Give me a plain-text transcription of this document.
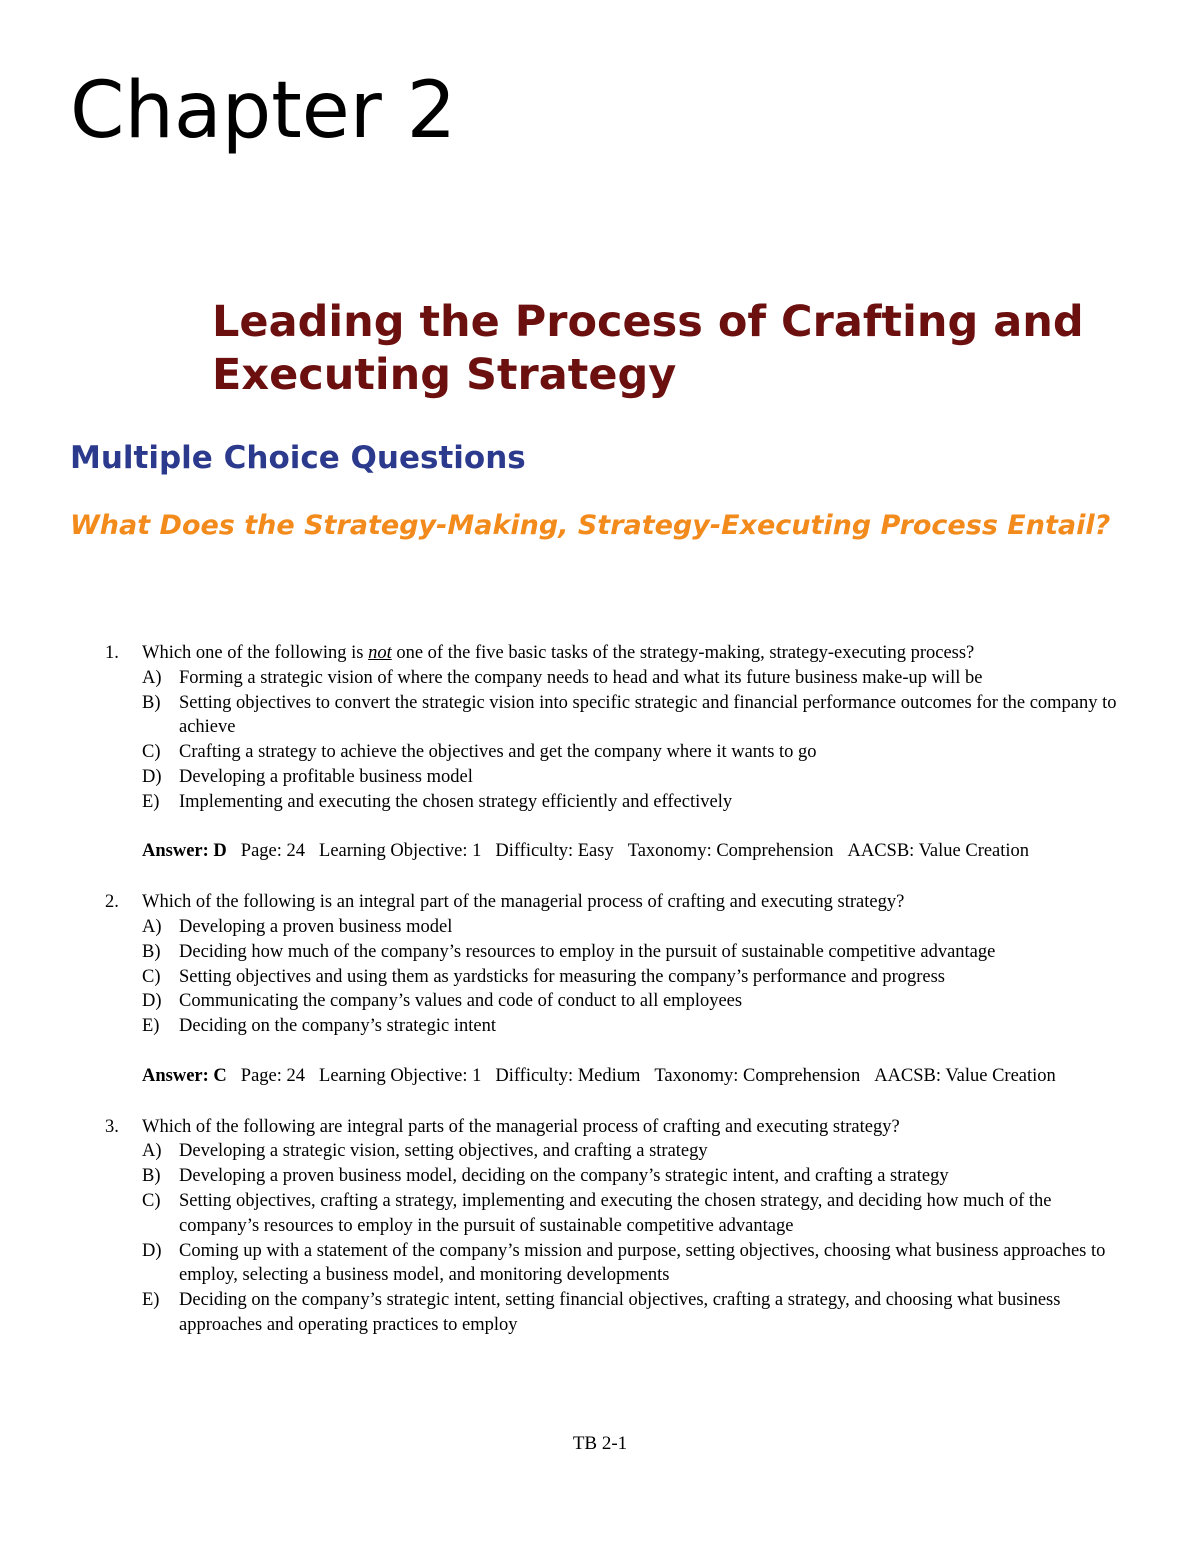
Chapter 2
Leading the Process of Crafting and Executing Strategy
Multiple Choice Questions
What Does the Strategy-Making, Strategy-Executing Process Entail?
1.	Which one of the following is not one of the five basic tasks of the strategy-making, strategy-executing process?
A) Forming a strategic vision of where the company needs to head and what its future business make-up will be
B)	Setting objectives to convert the strategic vision into specific strategic and financial performance outcomes for the company to achieve
C)	Crafting a strategy to achieve the objectives and get the company where it wants to go
D) Developing a profitable business model
E)	Implementing and executing the chosen strategy efficiently and effectively
Answer: D Page: 24 Learning Objective: 1 Difficulty: Easy Taxonomy: Comprehension AACSB: Value Creation
2.	Which of the following is an integral part of the managerial process of crafting and executing strategy?
A) Developing a proven business model
B)	Deciding how much of the company’s resources to employ in the pursuit of sustainable competitive advantage
C)	Setting objectives and using them as yardsticks for measuring the company’s performance and progress
D) Communicating the company’s values and code of conduct to all employees
E)	Deciding on the company’s strategic intent
Answer: C Page: 24 Learning Objective: 1 Difficulty: Medium Taxonomy: Comprehension AACSB: Value Creation
3.	Which of the following are integral parts of the managerial process of crafting and executing strategy?
A) Developing a strategic vision, setting objectives, and crafting a strategy
B)	Developing a proven business model, deciding on the company’s strategic intent, and crafting a strategy
C)	Setting objectives, crafting a strategy, implementing and executing the chosen strategy, and deciding how much of the company’s resources to employ in the pursuit of sustainable competitive advantage
D) Coming up with a statement of the company’s mission and purpose, setting objectives, choosing what business approaches to employ, selecting a business model, and monitoring developments
E)	Deciding on the company’s strategic intent, setting financial objectives, crafting a strategy, and choosing what business approaches and operating practices to employ
TB 2-1
